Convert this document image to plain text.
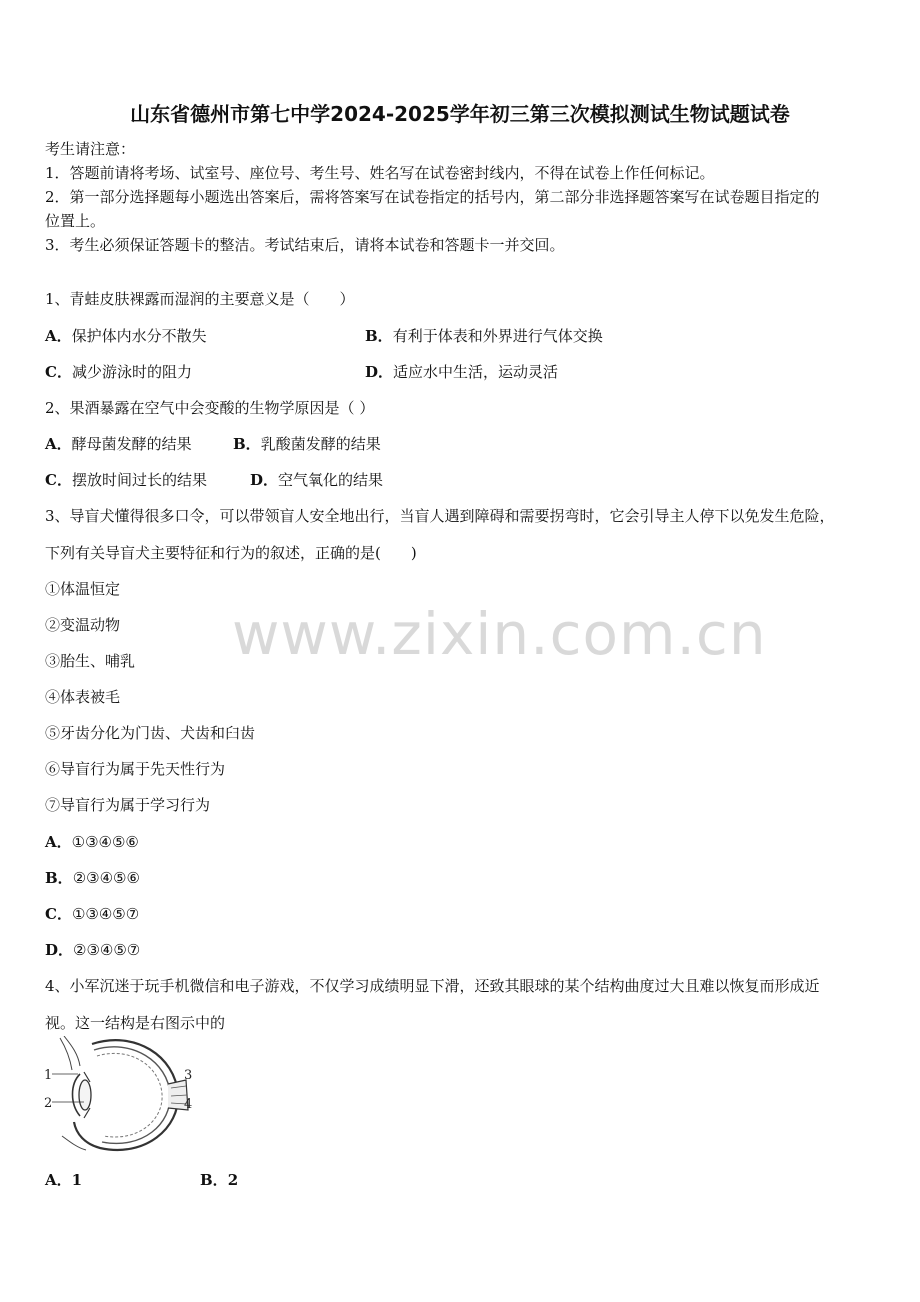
山东省德州市第七中学2024-2025学年初三第三次模拟测试生物试题试卷
考生请注意：
1．答题前请将考场、试室号、座位号、考生号、姓名写在试卷密封线内，不得在试卷上作任何标记。
2．第一部分选择题每小题选出答案后，需将答案写在试卷指定的括号内，第二部分非选择题答案写在试卷题目指定的
位置上。
3．考生必须保证答题卡的整洁。考试结束后，请将本试卷和答题卡一并交回。
1、青蛙皮肤裸露而湿润的主要意义是（　　）
A．保护体内水分不散失	B．有利于体表和外界进行气体交换
C．减少游泳时的阻力	D．适应水中生活，运动灵活
2、果酒暴露在空气中会变酸的生物学原因是（ ）
A．酵母菌发酵的结果	B．乳酸菌发酵的结果
C．摆放时间过长的结果	D．空气氧化的结果
3、导盲犬懂得很多口令，可以带领盲人安全地出行，当盲人遇到障碍和需要拐弯时，它会引导主人停下以免发生危险，
下列有关导盲犬主要特征和行为的叙述，正确的是(　　)
①体温恒定
②变温动物
③胎生、哺乳
④体表被毛
⑤牙齿分化为门齿、犬齿和臼齿
⑥导盲行为属于先天性行为
⑦导盲行为属于学习行为
A．①③④⑤⑥
B．②③④⑤⑥
C．①③④⑤⑦
D．②③④⑤⑦
4、小军沉迷于玩手机微信和电子游戏，不仅学习成绩明显下滑，还致其眼球的某个结构曲度过大且难以恢复而形成近
视。这一结构是右图示中的
1
2
3
4
A．1	B．2
www.zixin.com.cn
